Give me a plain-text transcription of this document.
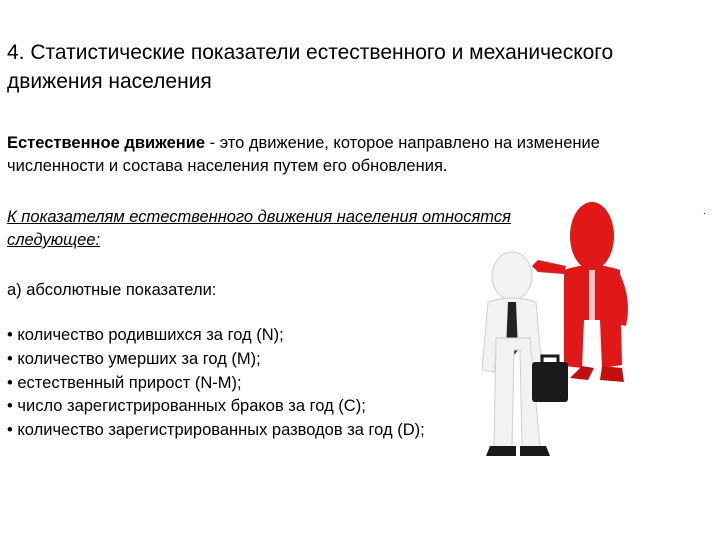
4. Статистические показатели естественного и механического движения населения

Естественное движение - это движение, которое направлено на изменение численности и состава населения путем его обновления.

К показателям естественного движения населения относятся следующее:

.

а) абсолютные показатели:

• количество родившихся за год (N);
• количество умерших за год (M);
• естественный прирост (N-M);
• число зарегистрированных браков за год (C);
• количество зарегистрированных разводов за год (D);
